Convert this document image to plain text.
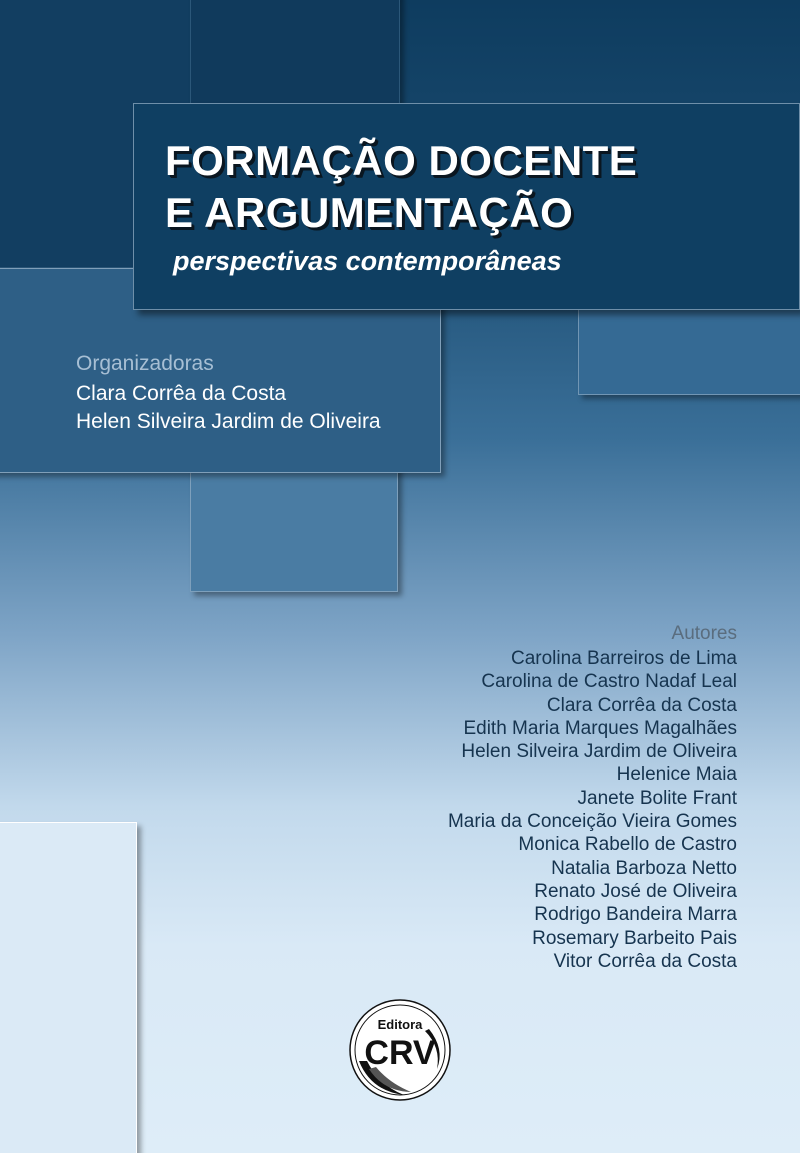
FORMAÇÃO DOCENTE
E ARGUMENTAÇÃO
perspectivas contemporâneas
Organizadoras
Clara Corrêa da Costa
Helen Silveira Jardim de Oliveira
Autores
Carolina Barreiros de Lima
Carolina de Castro Nadaf Leal
Clara Corrêa da Costa
Edith Maria Marques Magalhães
Helen Silveira Jardim de Oliveira
Helenice Maia
Janete Bolite Frant
Maria da Conceição Vieira Gomes
Monica Rabello de Castro
Natalia Barboza Netto
Renato José de Oliveira
Rodrigo Bandeira Marra
Rosemary Barbeito Pais
Vitor Corrêa da Costa
Editora
CRV
